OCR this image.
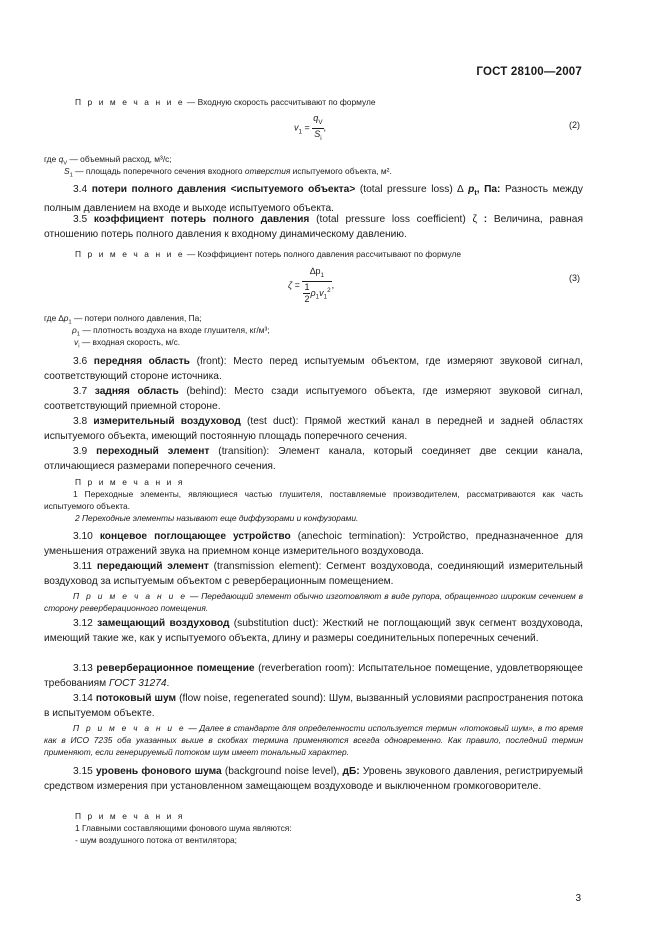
ГОСТ 28100—2007
П р и м е ч а н и е — Входную скорость рассчитывают по формуле
$v_1 = \frac{q_V}{S_i}$ ,	(2)
где $q_V$ — объемный расход, м³/с;
$S_1$ — площадь поперечного сечения входного отверстия испытуемого объекта, м².
3.4 потери полного давления <испытуемого объекта> (total pressure loss) ∆ $p_t$, Па: Разность между полным давлением на входе и выходе испытуемого объекта.
3.5 коэффициент потерь полного давления (total pressure loss coefficient) ζ : Величина, равная отношению потерь полного давления к входному динамическому давлению.
П р и м е ч а н и е — Коэффициент потерь полного давления рассчитывают по формуле
$\zeta = \frac{\Delta p_1}{\frac{1}{2} \rho_1v_1^2}$ ,
(3)
где $\Delta p_1$ — потери полного давления, Па;
$\rho_1$ — плотность воздуха на входе глушителя, кг/м³;
$v_i$ — входная скорость, м/с.
3.6 передняя область (front): Место перед испытуемым объектом, где измеряют звуковой сигнал, соответствующий стороне источника.
3.7 задняя область (behind): Место сзади испытуемого объекта, где измеряют звуковой сигнал, соответствующий приемной стороне.
3.8 измерительный воздуховод (test duct): Прямой жесткий канал в передней и задней областях испытуемого объекта, имеющий постоянную площадь поперечного сечения.
3.9 переходный элемент (transition): Элемент канала, который соединяет две секции канала, отличающиеся размерами поперечного сечения.
П р и м е ч а н и я
1 Переходные элементы, являющиеся частью глушителя, поставляемые производителем, рассматриваются как часть испытуемого объекта.
2 Переходные элементы называют еще диффузорами и конфузорами.
3.10 концевое поглощающее устройство (anechoic termination): Устройство, предназначенное для уменьшения отражений звука на приемном конце измерительного воздуховода.
3.11 передающий элемент (transmission element): Сегмент воздуховода, соединяющий измерительный воздуховод за испытуемым объектом с реверберационным помещением.
П р и м е ч а н и е — Передающий элемент обычно изготовляют в виде рупора, обращенного широким сечением в сторону реверберационного помещения.
3.12 замещающий воздуховод (substitution duct): Жесткий не поглощающий звук сегмент воздуховода, имеющий такие же, как у испытуемого объекта, длину и размеры соединительных поперечных сечений.
3.13 реверберационное помещение (reverberation room): Испытательное помещение, удовлетворяющее требованиям ГОСТ 31274.
3.14 потоковый шум (flow noise, regenerated sound): Шум, вызванный условиями распространения потока в испытуемом объекте.
П р и м е ч а н и е — Далее в стандарте для определенности используется термин «потоковый шум», в то время как в ИСО 7235 оба указанных выше в скобках термина применяются всегда одновременно. Как правило, последний термин применяют, если генерируемый потоком шум имеет тональный характер.
3.15 уровень фонового шума (background noise level), дБ: Уровень звукового давления, регистрируемый средством измерения при установленном замещающем воздуховоде и выключенном громкоговорителе.
П р и м е ч а н и я
1 Главными составляющими фонового шума являются:
- шум воздушного потока от вентилятора;
3
